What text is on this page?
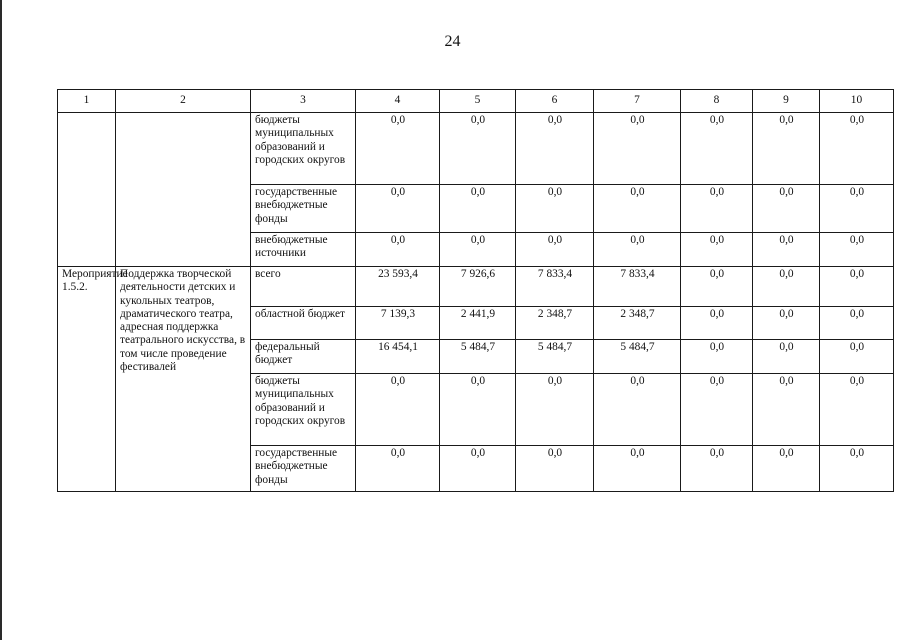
24
1	2	3	4	5	6	7	8	9	10
		бюджеты муниципальных образований и городских округов	0,0	0,0	0,0	0,0	0,0	0,0	0,0
		государственные внебюджетные фонды	0,0	0,0	0,0	0,0	0,0	0,0	0,0
		внебюджетные источники	0,0	0,0	0,0	0,0	0,0	0,0	0,0
Мероприятие 1.5.2.	Поддержка творческой деятельности детских и кукольных театров, драматического театра, адресная поддержка театрального искусства, в том числе проведение фестивалей	всего	23 593,4	7 926,6	7 833,4	7 833,4	0,0	0,0	0,0
		областной бюджет	7 139,3	2 441,9	2 348,7	2 348,7	0,0	0,0	0,0
		федеральный бюджет	16 454,1	5 484,7	5 484,7	5 484,7	0,0	0,0	0,0
		бюджеты муниципальных образований и городских округов	0,0	0,0	0,0	0,0	0,0	0,0	0,0
		государственные внебюджетные фонды	0,0	0,0	0,0	0,0	0,0	0,0	0,0
